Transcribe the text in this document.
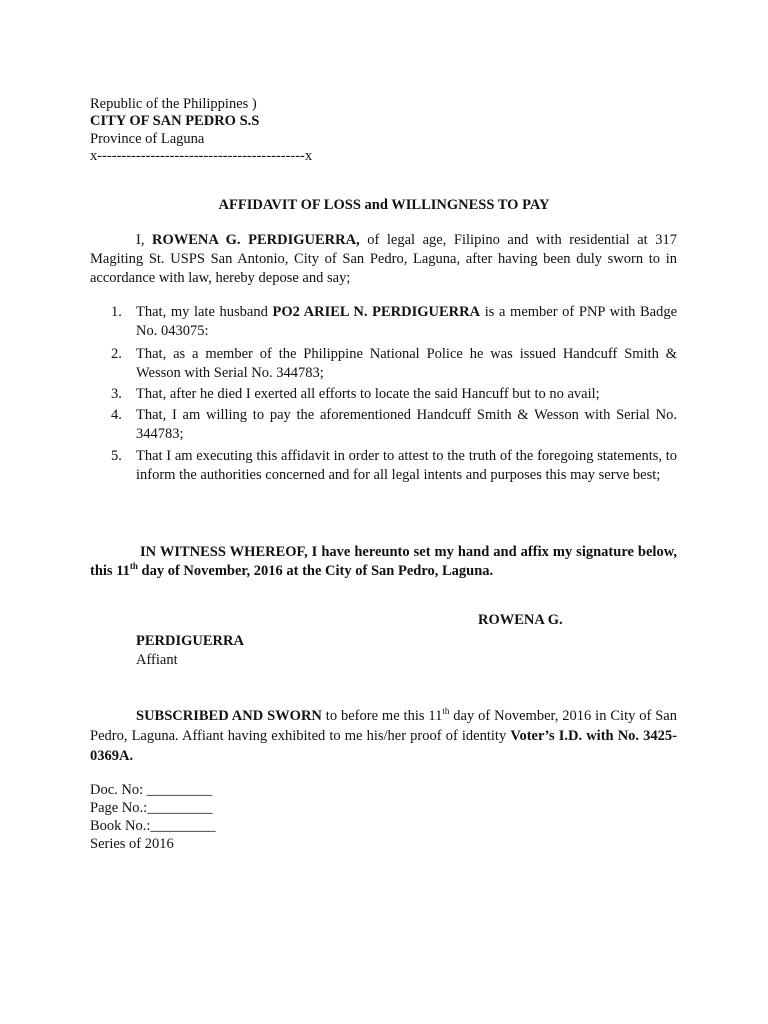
Republic of the Philippines )
CITY OF SAN PEDRO S.S
Province of Laguna
x-------------------------------------------x
AFFIDAVIT OF LOSS and WILLINGNESS TO PAY
I, ROWENA G. PERDIGUERRA, of legal age, Filipino and with residential at 317 Magiting St. USPS San Antonio, City of San Pedro, Laguna, after having been duly sworn to in accordance with law, hereby depose and say;
1. That, my late husband PO2 ARIEL N. PERDIGUERRA is a member of PNP with Badge No. 043075:
2. That, as a member of the Philippine National Police he was issued Handcuff Smith & Wesson with Serial No. 344783;
3. That, after he died I exerted all efforts to locate the said Hancuff but to no avail;
4. That, I am willing to pay the aforementioned Handcuff Smith & Wesson with Serial No. 344783;
5. That I am executing this affidavit in order to attest to the truth of the foregoing statements, to inform the authorities concerned and for all legal intents and purposes this may serve best;
IN WITNESS WHEREOF, I have hereunto set my hand and affix my signature below, this 11th day of November, 2016 at the City of San Pedro, Laguna.
ROWENA G.
PERDIGUERRA
Affiant
SUBSCRIBED AND SWORN to before me this 11th day of November, 2016 in City of San Pedro, Laguna. Affiant having exhibited to me his/her proof of identity Voter’s I.D. with No. 3425-0369A.
Doc. No: _________
Page No.:_________
Book No.:_________
Series of 2016
